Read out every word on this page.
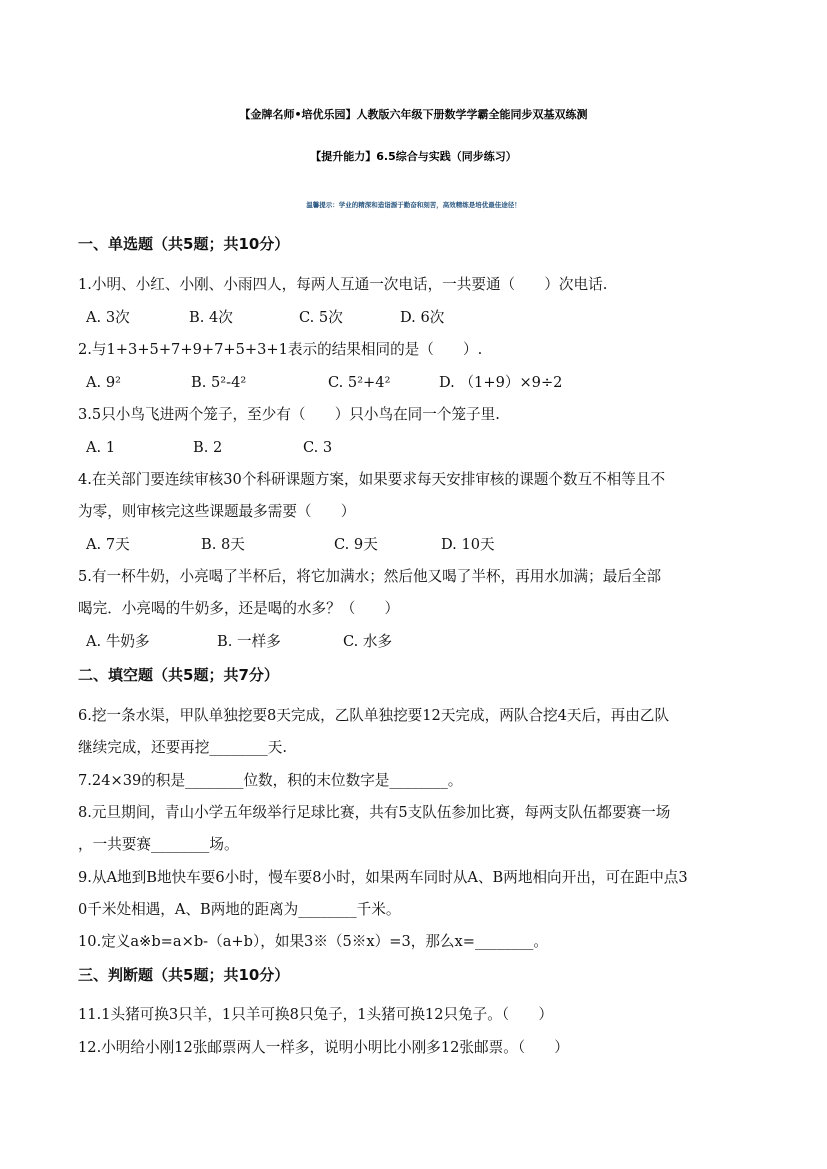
【金牌名师•培优乐园】人教版六年级下册数学学霸全能同步双基双练测
【提升能力】6.5综合与实践（同步练习）
温馨提示：学业的精深和造诣源于勤奋和刻苦，高效精练是培优最佳途径！
一、单选题（共5题；共10分）
1.小明、小红、小刚、小雨四人，每两人互通一次电话，一共要通（　　）次电话.
A. 3次	B. 4次	C. 5次	D. 6次
2.与1+3+5+7+9+7+5+3+1表示的结果相同的是（　　）.
A. 9²	B. 5²-4²	C. 5²+4²	D. （1+9）×9÷2
3.5只小鸟飞进两个笼子，至少有（　　）只小鸟在同一个笼子里.
A. 1	B. 2	C. 3
4.在关部门要连续审核30个科研课题方案，如果要求每天安排审核的课题个数互不相等且不
为零，则审核完这些课题最多需要（　　）
A. 7天	B. 8天	C. 9天	D. 10天
5.有一杯牛奶，小亮喝了半杯后，将它加满水；然后他又喝了半杯，再用水加满；最后全部
喝完．小亮喝的牛奶多，还是喝的水多？（　　）
A. 牛奶多	B. 一样多	C. 水多
二、填空题（共5题；共7分）
6.挖一条水渠，甲队单独挖要8天完成，乙队单独挖要12天完成，两队合挖4天后，再由乙队
继续完成，还要再挖________天.
7.24×39的积是________位数，积的末位数字是________。
8.元旦期间，青山小学五年级举行足球比赛，共有5支队伍参加比赛，每两支队伍都要赛一场
，一共要赛________场。
9.从A地到B地快车要6小时，慢车要8小时，如果两车同时从A、B两地相向开出，可在距中点3
0千米处相遇，A、B两地的距离为________千米。
10.定义a※b=a×b-（a+b），如果3※（5※x）=3，那么x=________。
三、判断题（共5题；共10分）
11.1头猪可换3只羊，1只羊可换8只兔子，1头猪可换12只兔子。（　　）
12.小明给小刚12张邮票两人一样多，说明小明比小刚多12张邮票。（　　）
